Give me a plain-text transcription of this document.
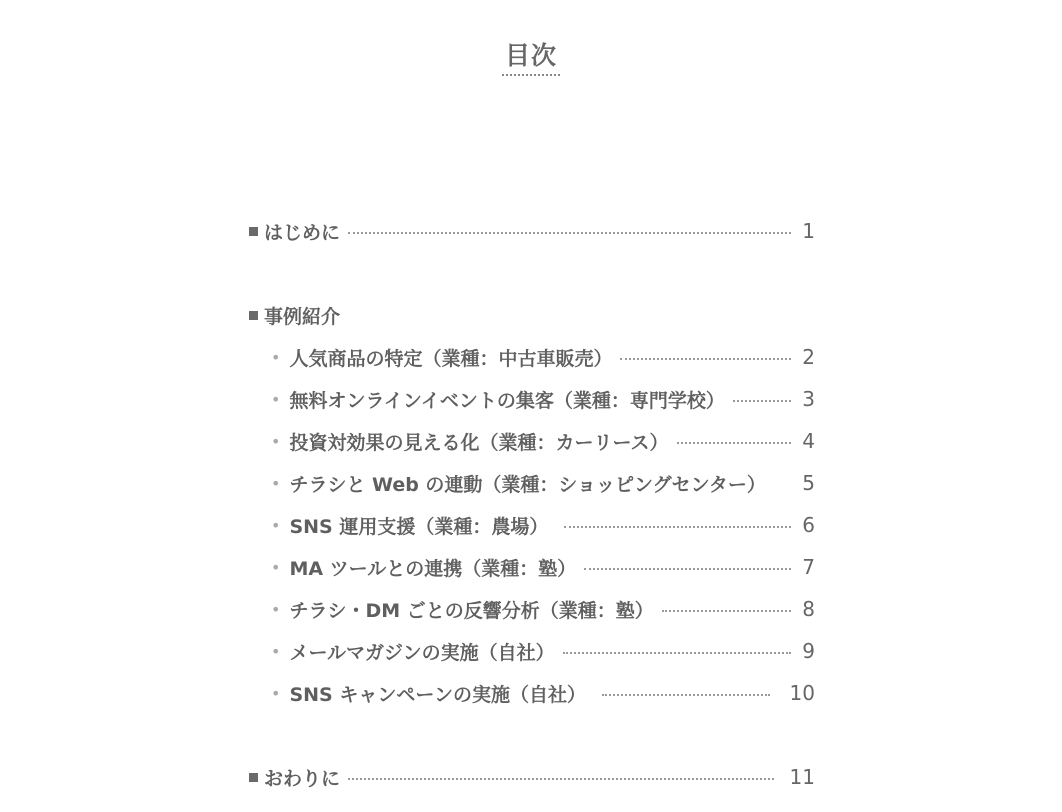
目次
はじめに	1
事例紹介
• 人気商品の特定（業種：中古車販売）	2
• 無料オンラインイベントの集客（業種：専門学校）	3
• 投資対効果の見える化（業種：カーリース）	4
• チラシと Web の連動（業種：ショッピングセンター） 5
• SNS 運用支援（業種：農場）	6
• MA ツールとの連携（業種：塾）	7
• チラシ・DM ごとの反響分析（業種：塾）	8
• メールマガジンの実施（自社）	9
• SNS キャンペーンの実施（自社）	10
おわりに	11
